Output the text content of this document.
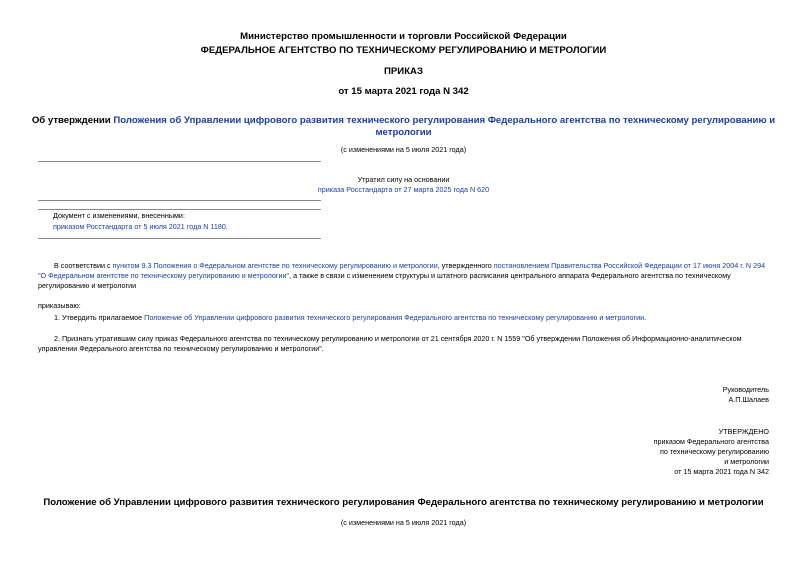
Министерство промышленности и торговли Российской Федерации
ФЕДЕРАЛЬНОЕ АГЕНТСТВО ПО ТЕХНИЧЕСКОМУ РЕГУЛИРОВАНИЮ И МЕТРОЛОГИИ
ПРИКАЗ
от 15 марта 2021 года N 342
Об утверждении Положения об Управлении цифрового развития технического регулирования Федерального агентства по техническому регулированию и
метрологии
(с изменениями на 5 июля 2021 года)
Утратил силу на основании
приказа Росстандарта от 27 марта 2025 года N 620
Документ с изменениями, внесенными:
приказом Росстандарта от 5 июля 2021 года N 1180.
В соответствии с пунктом 9.3 Положения о Федеральном агентстве по техническому регулированию и метрологии, утвержденного постановлением Правительства Российской Федерации от 17 июня 2004 г. N 294
"О Федеральном агентстве по техническому регулированию и метрологии", а также в связи с изменением структуры и штатного расписания центрального аппарата Федерального агентства по техническому
регулированию и метрологии
приказываю:
1. Утвердить прилагаемое Положение об Управлении цифрового развития технического регулирования Федерального агентства по техническому регулированию и метрологии.
2. Признать утратившим силу приказ Федерального агентства по техническому регулированию и метрологии от 21 сентября 2020 г. N 1559 "Об утверждении Положения об Информационно-аналитическом
управлении Федерального агентства по техническому регулированию и метрологии".
Руководитель
А.П.Шалаев
УТВЕРЖДЕНО
приказом Федерального агентства
по техническому регулированию
и метрологии
от 15 марта 2021 года N 342
Положение об Управлении цифрового развития технического регулирования Федерального агентства по техническому регулированию и метрологии
(с изменениями на 5 июля 2021 года)
